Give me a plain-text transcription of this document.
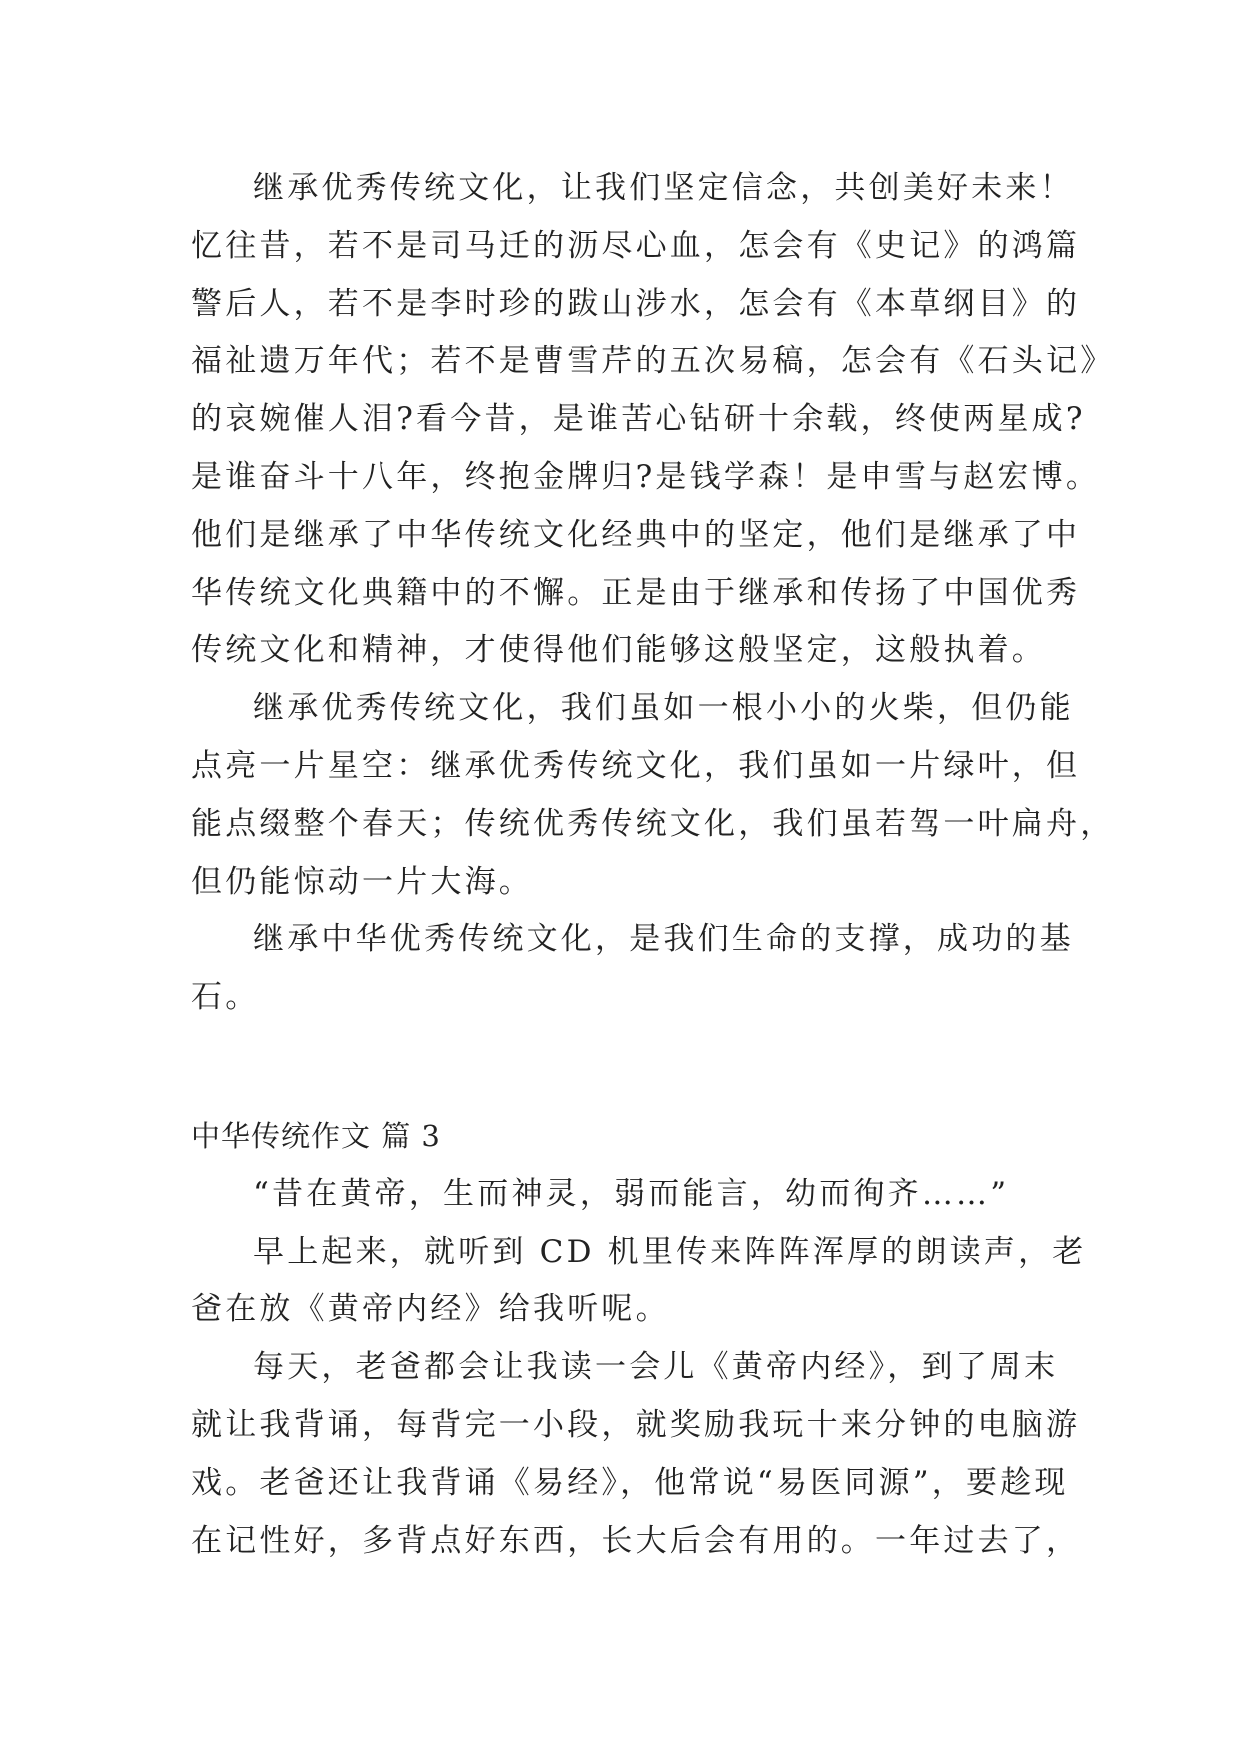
继承优秀传统文化，让我们坚定信念，共创美好未来！
忆往昔，若不是司马迁的沥尽心血，怎会有《史记》的鸿篇
警后人，若不是李时珍的跋山涉水，怎会有《本草纲目》的
福祉遗万年代；若不是曹雪芹的五次易稿，怎会有《石头记》
的哀婉催人泪?看今昔，是谁苦心钻研十余载，终使两星成?
是谁奋斗十八年，终抱金牌归?是钱学森！是申雪与赵宏博。
他们是继承了中华传统文化经典中的坚定，他们是继承了中
华传统文化典籍中的不懈。正是由于继承和传扬了中国优秀
传统文化和精神，才使得他们能够这般坚定，这般执着。
继承优秀传统文化，我们虽如一根小小的火柴，但仍能
点亮一片星空：继承优秀传统文化，我们虽如一片绿叶，但
能点缀整个春天；传统优秀传统文化，我们虽若驾一叶扁舟，
但仍能惊动一片大海。
继承中华优秀传统文化，是我们生命的支撑，成功的基
石。
中华传统作文 篇 3
“昔在黄帝，生而神灵，弱而能言，幼而徇齐……”
早上起来，就听到 CD 机里传来阵阵浑厚的朗读声，老
爸在放《黄帝内经》给我听呢。
每天，老爸都会让我读一会儿《黄帝内经》，到了周末
就让我背诵，每背完一小段，就奖励我玩十来分钟的电脑游
戏。老爸还让我背诵《易经》，他常说“易医同源”，要趁现
在记性好，多背点好东西，长大后会有用的。一年过去了，
